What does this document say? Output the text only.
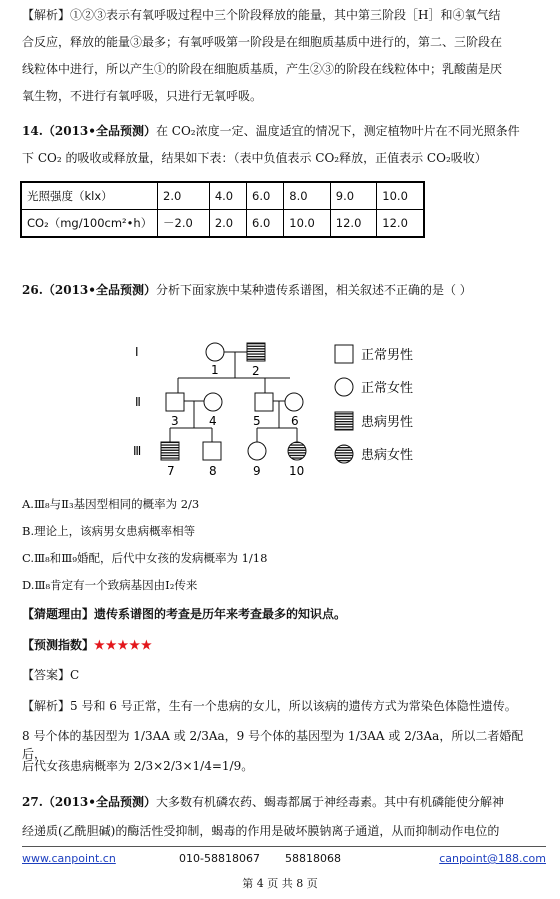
【解析】①②③表示有氧呼吸过程中三个阶段释放的能量，其中第三阶段［H］和④氧气结

合反应，释放的能量③最多；有氧呼吸第一阶段是在细胞质基质中进行的，第二、三阶段在

线粒体中进行，所以产生①的阶段在细胞质基质，产生②③的阶段在线粒体中；乳酸菌是厌

氧生物，不进行有氧呼吸，只进行无氧呼吸。

14.（2013•全品预测）在 CO₂浓度一定、温度适宜的情况下，测定植物叶片在不同光照条件

下 CO₂ 的吸收或释放量，结果如下表：（表中负值表示 CO₂释放，正值表示 CO₂吸收）

光照强度（klx）	2.0	4.0	6.0	8.0	9.0	10.0
CO₂（mg/100cm²•h）	－2.0	2.0	6.0	10.0	12.0	12.0

26.（2013•全品预测）分析下面家族中某种遗传系谱图，相关叙述不正确的是（ ）

Ⅰ
Ⅱ
Ⅲ
1	2
3	4	5	6
7	8	9 10
正常男性
正常女性
患病男性
患病女性

A.Ⅲ₈与Ⅱ₃基因型相同的概率为 2/3

B.理论上，该病男女患病概率相等

C.Ⅲ₈和Ⅲ₉婚配，后代中女孩的发病概率为 1/18

D.Ⅲ₈肯定有一个致病基因由Ⅰ₂传来

【猜题理由】遗传系谱图的考查是历年来考查最多的知识点。

【预测指数】★★★★★

【答案】C

【解析】5 号和 6 号正常，生有一个患病的女儿，所以该病的遗传方式为常染色体隐性遗传。

8 号个体的基因型为 1/3AA 或 2/3Aa，9 号个体的基因型为 1/3AA 或 2/3Aa，所以二者婚配后，

后代女孩患病概率为 2/3×2/3×1/4=1/9。

27.（2013•全品预测）大多数有机磷农药、蝎毒都属于神经毒素。其中有机磷能使分解神

经递质(乙酰胆碱)的酶活性受抑制，蝎毒的作用是破坏膜钠离子通道，从而抑制动作电位的

www.canpoint.cn	010-58818067 58818068	canpoint@188.com
第 4 页 共 8 页
